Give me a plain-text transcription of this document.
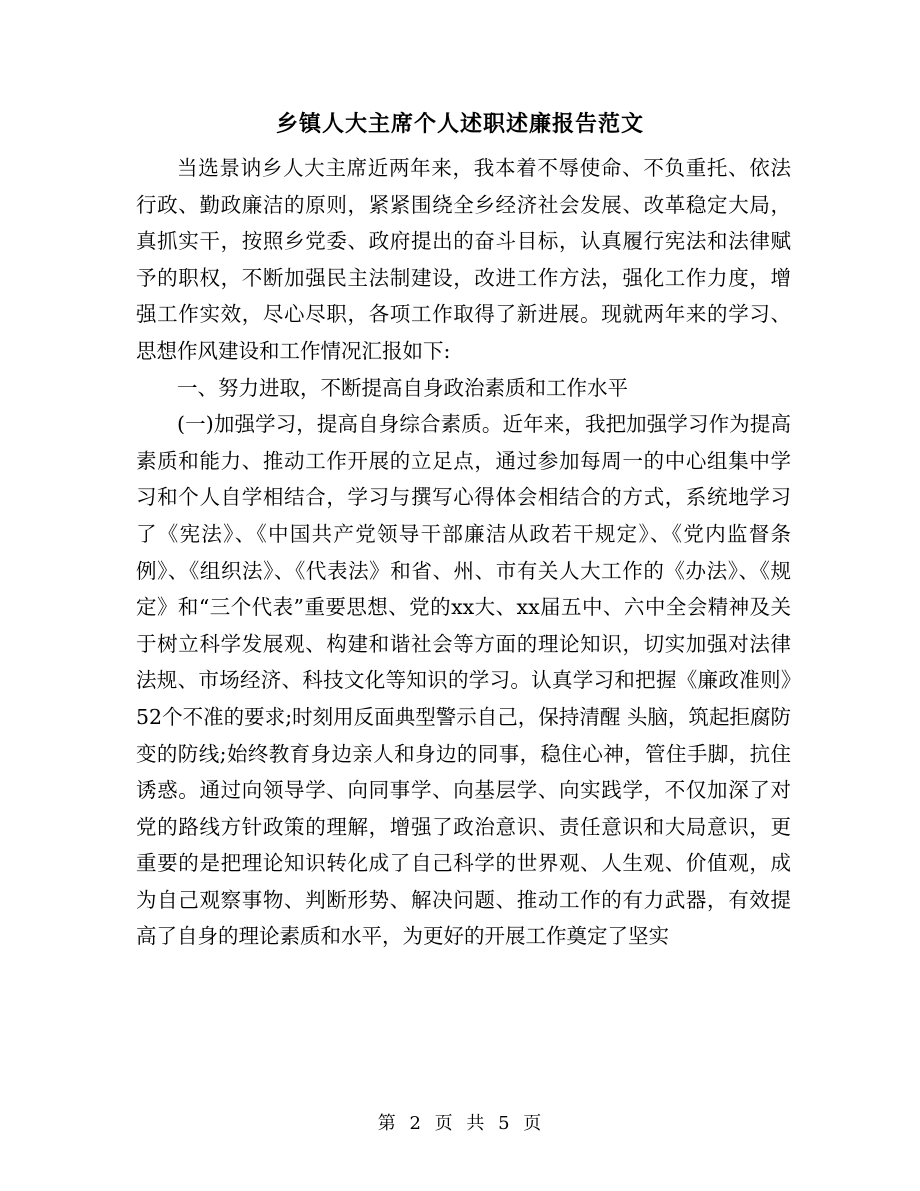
乡镇人大主席个人述职述廉报告范文

当选景讷乡人大主席近两年来，我本着不辱使命、不负重托、依法行政、勤政廉洁的原则，紧紧围绕全乡经济社会发展、改革稳定大局，真抓实干，按照乡党委、政府提出的奋斗目标，认真履行宪法和法律赋予的职权，不断加强民主法制建设，改进工作方法，强化工作力度，增强工作实效，尽心尽职，各项工作取得了新进展。现就两年来的学习、思想作风建设和工作情况汇报如下:

一、努力进取，不断提高自身政治素质和工作水平

(一)加强学习，提高自身综合素质。近年来，我把加强学习作为提高素质和能力、推动工作开展的立足点，通过参加每周一的中心组集中学习和个人自学相结合，学习与撰写心得体会相结合的方式，系统地学习了《宪法》、《中国共产党领导干部廉洁从政若干规定》、《党内监督条例》、《组织法》、《代表法》和省、州、市有关人大工作的《办法》、《规定》和“三个代表”重要思想、党的xx大、xx届五中、六中全会精神及关于树立科学发展观、构建和谐社会等方面的理论知识，切实加强对法律法规、市场经济、科技文化等知识的学习。认真学习和把握《廉政准则》52个不准的要求;时刻用反面典型警示自己，保持清醒 头脑，筑起拒腐防变的防线;始终教育身边亲人和身边的同事，稳住心神，管住手脚，抗住诱惑。通过向领导学、向同事学、向基层学、向实践学，不仅加深了对党的路线方针政策的理解，增强了政治意识、责任意识和大局意识，更重要的是把理论知识转化成了自己科学的世界观、人生观、价值观，成为自己观察事物、判断形势、解决问题、推动工作的有力武器，有效提高了自身的理论素质和水平，为更好的开展工作奠定了坚实

第 2 页 共 5 页
